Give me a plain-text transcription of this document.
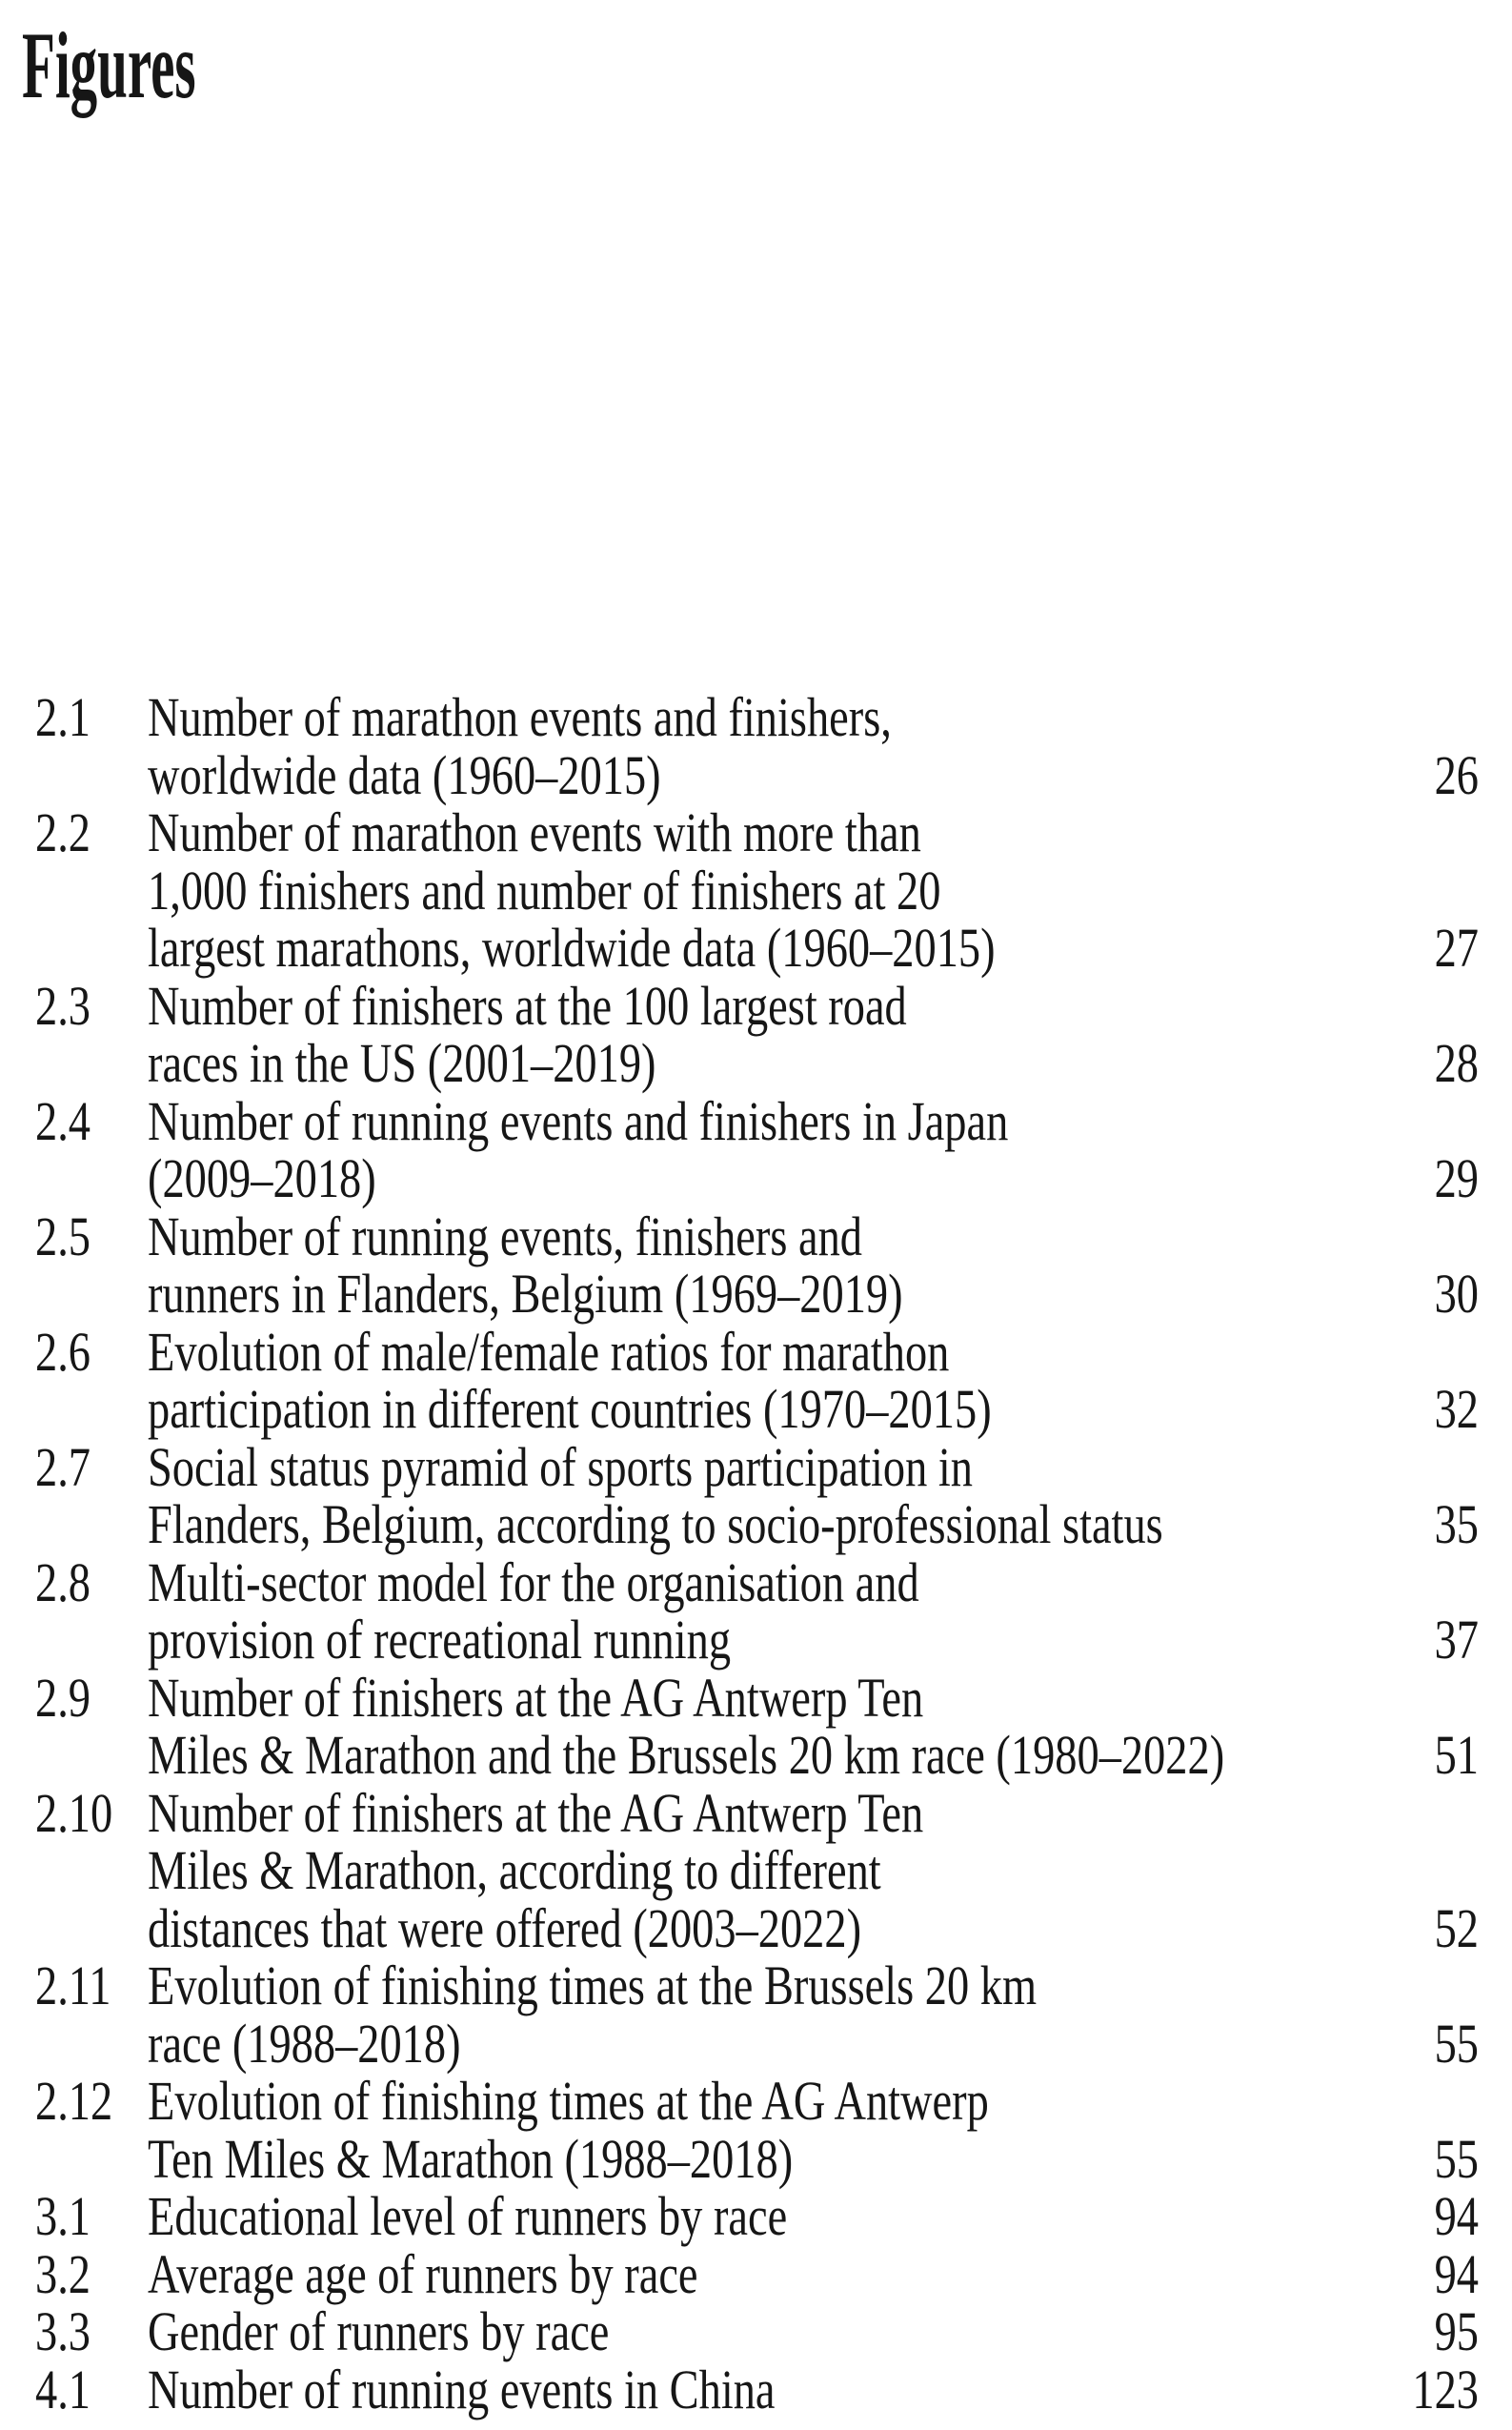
Figures
2.1	Number of marathon events and finishers,
worldwide data (1960–2015)	26
2.2	Number of marathon events with more than
1,000 finishers and number of finishers at 20
largest marathons, worldwide data (1960–2015)	27
2.3	Number of finishers at the 100 largest road
races in the US (2001–2019)	28
2.4	Number of running events and finishers in Japan
(2009–2018)	29
2.5	Number of running events, finishers and
runners in Flanders, Belgium (1969–2019)	30
2.6	Evolution of male/female ratios for marathon
participation in different countries (1970–2015)	32
2.7	Social status pyramid of sports participation in
Flanders, Belgium, according to socio-professional status	35
2.8	Multi-sector model for the organisation and
provision of recreational running	37
2.9	Number of finishers at the AG Antwerp Ten
Miles & Marathon and the Brussels 20 km race (1980–2022)	51
2.10 Number of finishers at the AG Antwerp Ten
Miles & Marathon, according to different
distances that were offered (2003–2022)	52
2.11 Evolution of finishing times at the Brussels 20 km
race (1988–2018)	55
2.12 Evolution of finishing times at the AG Antwerp
Ten Miles & Marathon (1988–2018)	55
3.1	Educational level of runners by race	94
3.2	Average age of runners by race	94
3.3	Gender of runners by race	95
4.1	Number of running events in China	123
